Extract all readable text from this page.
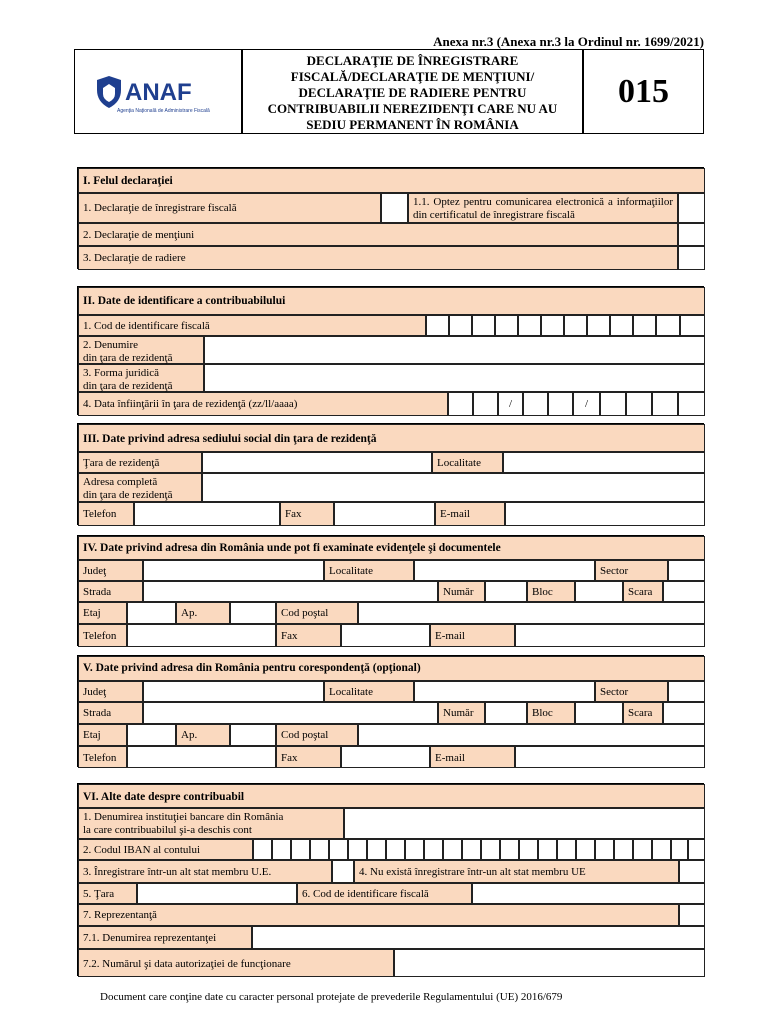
Anexa nr.3 (Anexa nr.3 la Ordinul nr. 1699/2021)
ANAF
Agenţia Naţională de Administrare Fiscală
DECLARAŢIE DE ÎNREGISTRARE
FISCALĂ/DECLARAŢIE DE MENŢIUNI/
DECLARAŢIE DE RADIERE PENTRU
CONTRIBUABILII NEREZIDENŢI CARE NU AU
SEDIU PERMANENT ÎN ROMÂNIA
015
I. Felul declaraţiei
1. Declaraţie de înregistrare fiscală	1.1. Optez pentru comunicarea electronică a informaţiilor din certificatul de înregistrare fiscală
2. Declaraţie de menţiuni
3. Declaraţie de radiere
II. Date de identificare a contribuabilului
1. Cod de identificare fiscală
2. Denumire
din ţara de rezidenţă
3. Forma juridică
din ţara de rezidenţă
4. Data înfiinţării în ţara de rezidenţă (zz/ll/aaaa)	/	/
III. Date privind adresa sediului social din ţara de rezidenţă
Ţara de rezidenţă	Localitate
Adresa completă
din ţara de rezidenţă
Telefon	Fax	E-mail
IV. Date privind adresa din România unde pot fi examinate evidenţele şi documentele
Judeţ	Localitate	Sector
Strada	Număr	Bloc	Scara
Etaj	Ap.	Cod poştal
Telefon	Fax	E-mail
V. Date privind adresa din România pentru corespondenţă (opţional)
Judeţ	Localitate	Sector
Strada	Număr	Bloc	Scara
Etaj	Ap.	Cod poştal
Telefon	Fax	E-mail
VI. Alte date despre contribuabil
1. Denumirea instituţiei bancare din România
la care contribuabilul şi-a deschis cont
2. Codul IBAN al contului
3. Înregistrare într-un alt stat membru U.E.	4. Nu există înregistrare într-un alt stat membru UE
5. Ţara	6. Cod de identificare fiscală
7. Reprezentanţă
7.1. Denumirea reprezentanţei
7.2. Numărul şi data autorizaţiei de funcţionare
Document care conţine date cu caracter personal protejate de prevederile Regulamentului (UE) 2016/679
